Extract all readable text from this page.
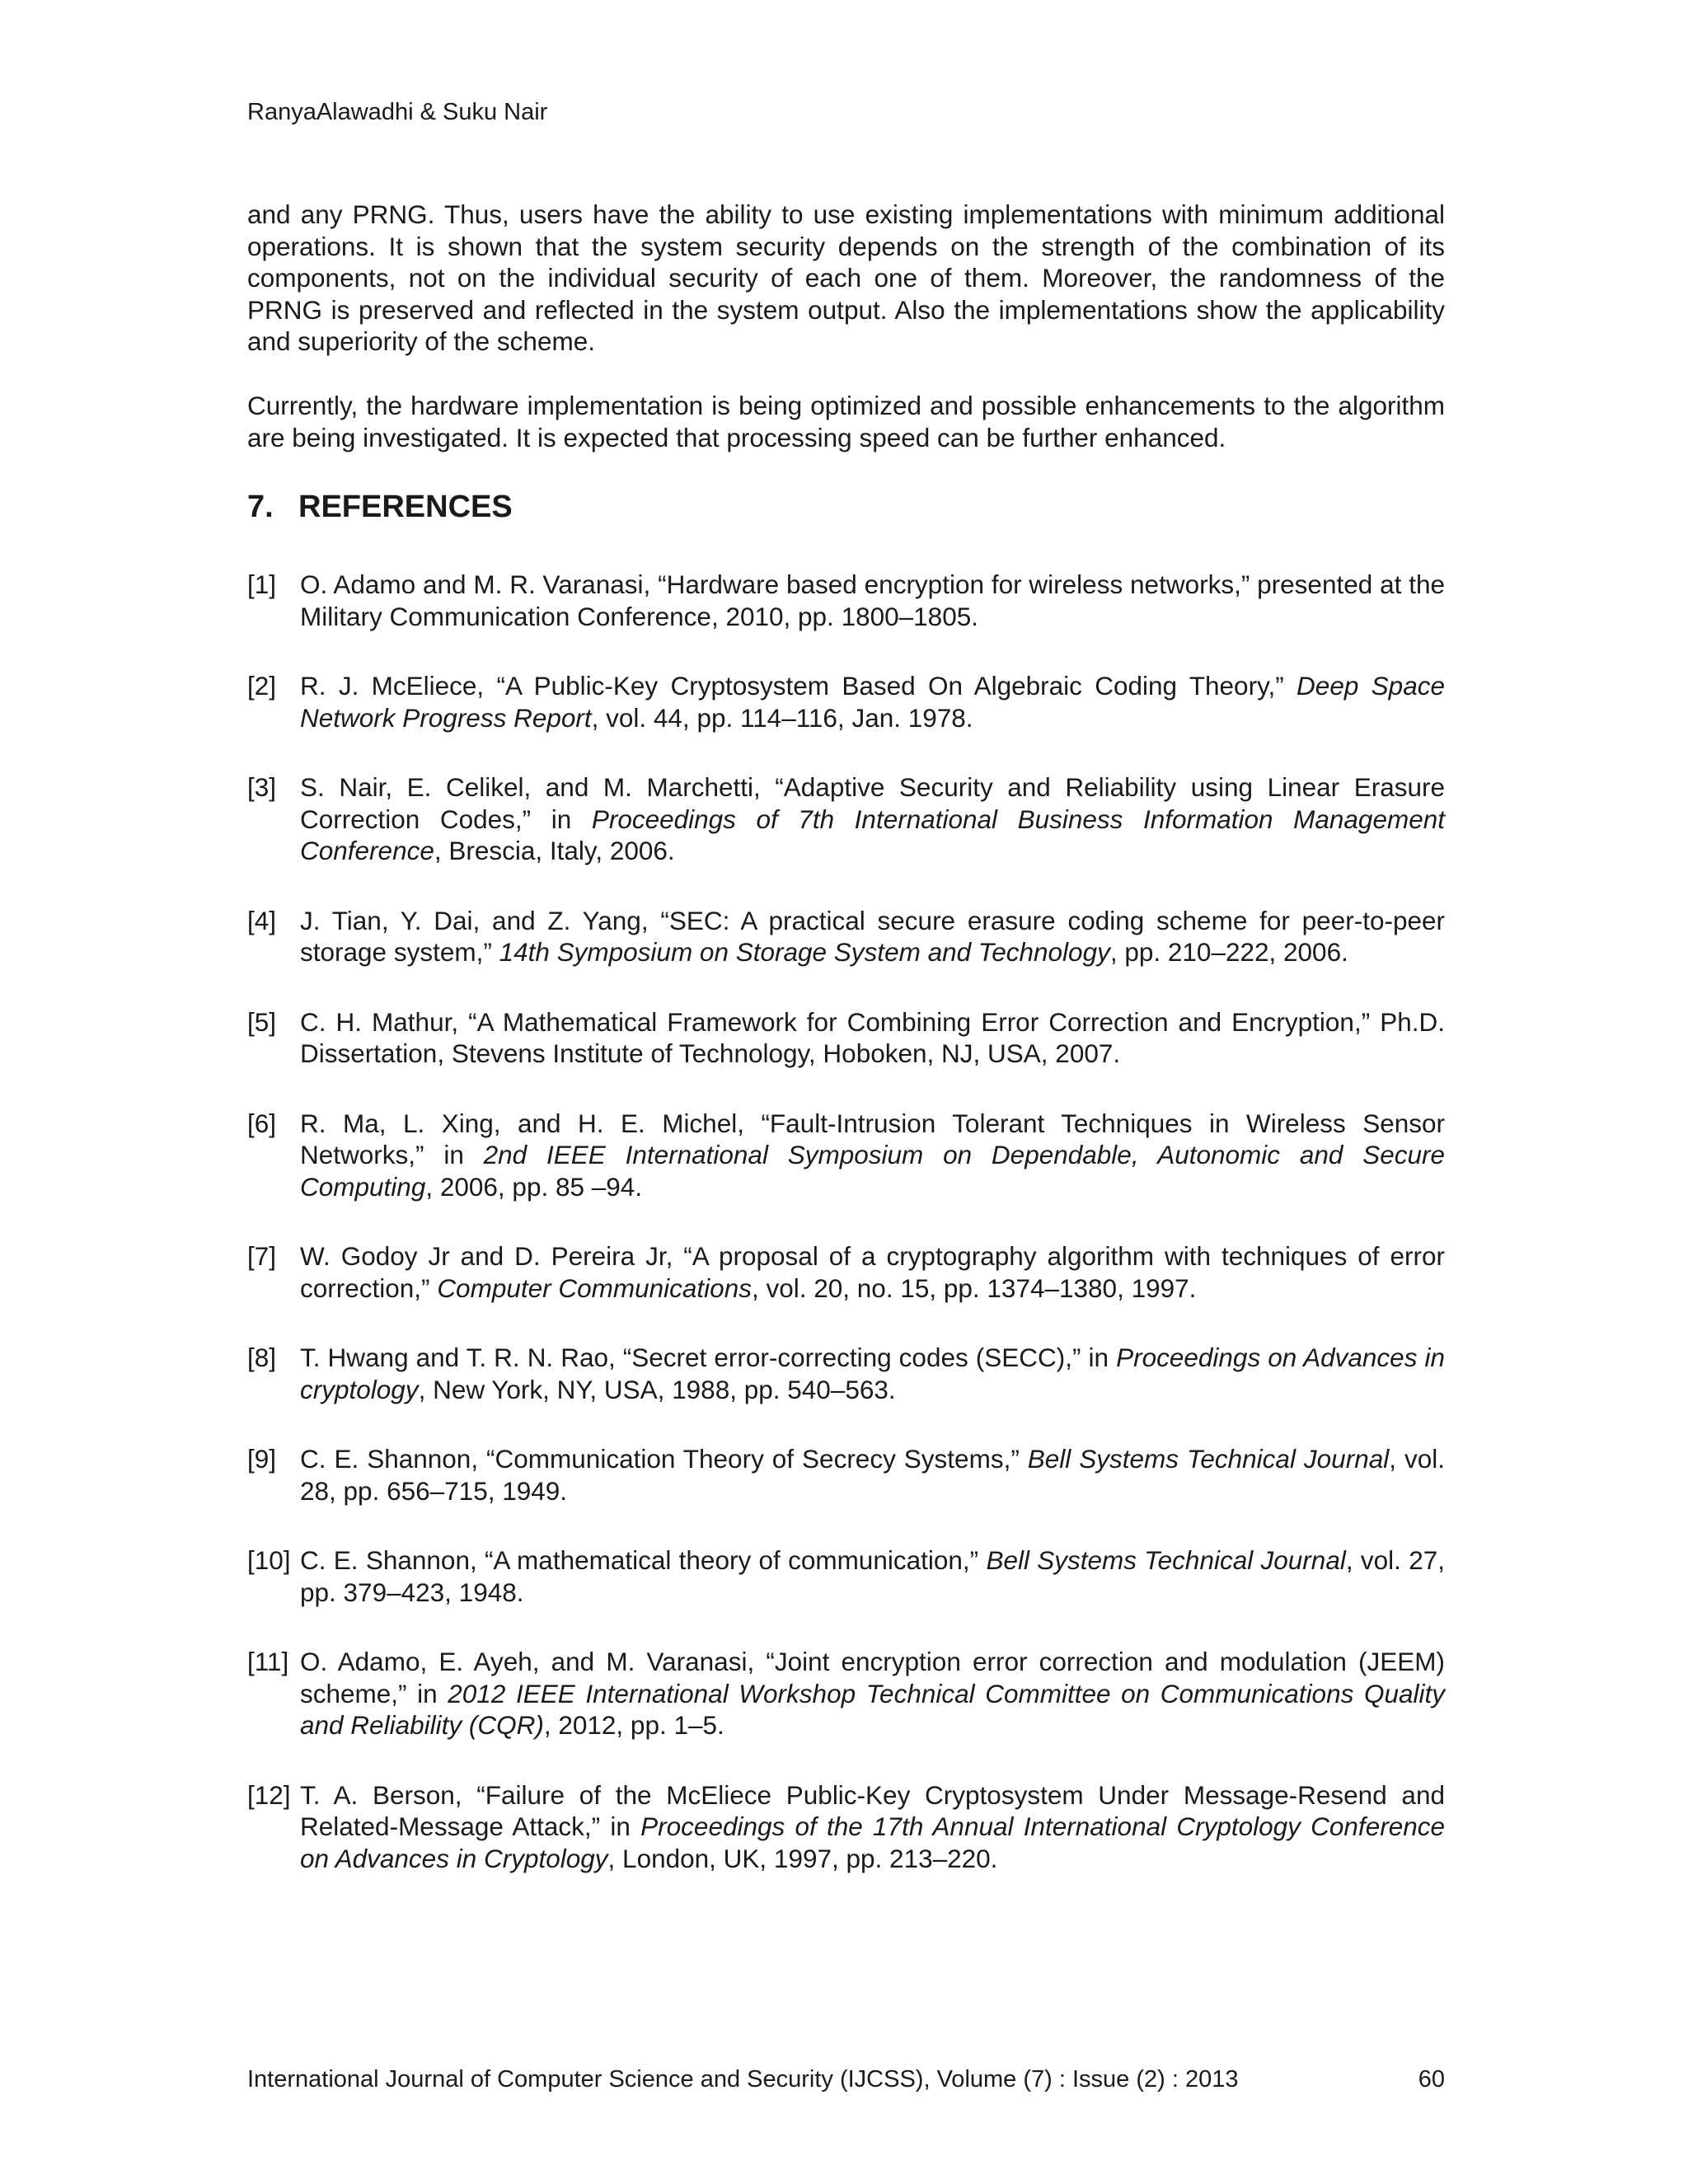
RanyaAlawadhi & Suku Nair

and any PRNG. Thus, users have the ability to use existing implementations with minimum additional operations. It is shown that the system security depends on the strength of the combination of its components, not on the individual security of each one of them. Moreover, the randomness of the PRNG is preserved and reflected in the system output. Also the implementations show the applicability and superiority of the scheme.

Currently, the hardware implementation is being optimized and possible enhancements to the algorithm are being investigated. It is expected that processing speed can be further enhanced.

7. REFERENCES
[1] O. Adamo and M. R. Varanasi, “Hardware based encryption for wireless networks,” presented at the Military Communication Conference, 2010, pp. 1800–1805.
[2] R. J. McEliece, “A Public-Key Cryptosystem Based On Algebraic Coding Theory,” Deep Space Network Progress Report, vol. 44, pp. 114–116, Jan. 1978.
[3] S. Nair, E. Celikel, and M. Marchetti, “Adaptive Security and Reliability using Linear Erasure Correction Codes,” in Proceedings of 7th International Business Information Management Conference, Brescia, Italy, 2006.
[4] J. Tian, Y. Dai, and Z. Yang, “SEC: A practical secure erasure coding scheme for peer-to-peer storage system,” 14th Symposium on Storage System and Technology, pp. 210–222, 2006.
[5] C. H. Mathur, “A Mathematical Framework for Combining Error Correction and Encryption,” Ph.D. Dissertation, Stevens Institute of Technology, Hoboken, NJ, USA, 2007.
[6] R. Ma, L. Xing, and H. E. Michel, “Fault-Intrusion Tolerant Techniques in Wireless Sensor Networks,” in 2nd IEEE International Symposium on Dependable, Autonomic and Secure Computing, 2006, pp. 85 –94.
[7] W. Godoy Jr and D. Pereira Jr, “A proposal of a cryptography algorithm with techniques of error correction,” Computer Communications, vol. 20, no. 15, pp. 1374–1380, 1997.
[8] T. Hwang and T. R. N. Rao, “Secret error-correcting codes (SECC),” in Proceedings on Advances in cryptology, New York, NY, USA, 1988, pp. 540–563.
[9] C. E. Shannon, “Communication Theory of Secrecy Systems,” Bell Systems Technical Journal, vol. 28, pp. 656–715, 1949.
[10] C. E. Shannon, “A mathematical theory of communication,” Bell Systems Technical Journal, vol. 27, pp. 379–423, 1948.
[11] O. Adamo, E. Ayeh, and M. Varanasi, “Joint encryption error correction and modulation (JEEM) scheme,” in 2012 IEEE International Workshop Technical Committee on Communications Quality and Reliability (CQR), 2012, pp. 1–5.
[12] T. A. Berson, “Failure of the McEliece Public-Key Cryptosystem Under Message-Resend and Related-Message Attack,” in Proceedings of the 17th Annual International Cryptology Conference on Advances in Cryptology, London, UK, 1997, pp. 213–220.
International Journal of Computer Science and Security (IJCSS), Volume (7) : Issue (2) : 2013	60
